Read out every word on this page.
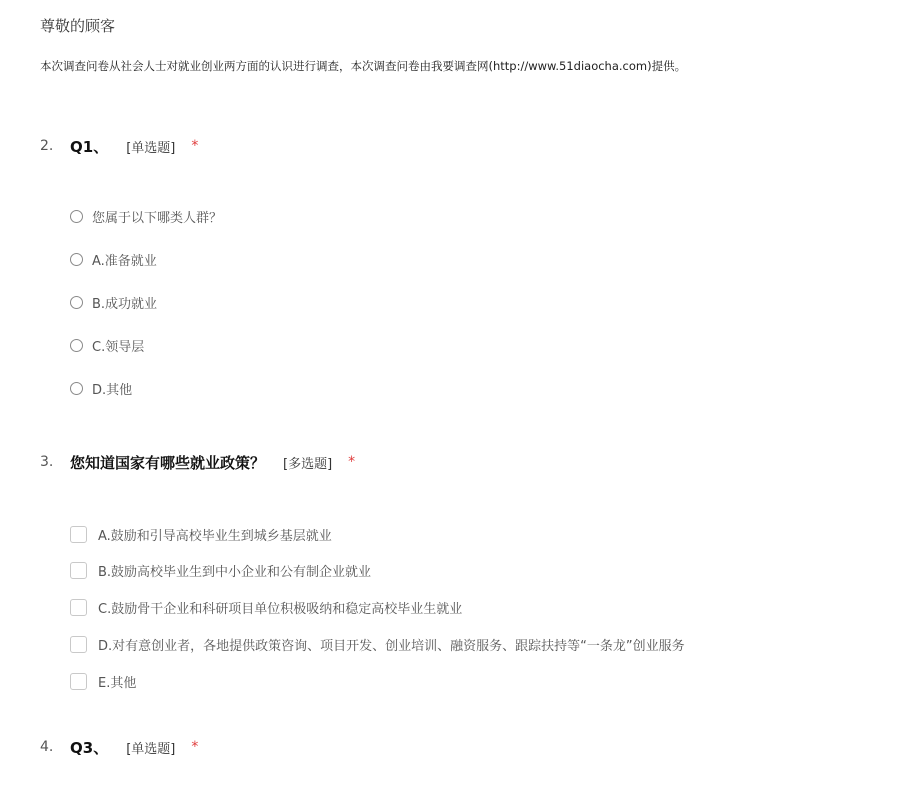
尊敬的顾客
本次调查问卷从社会人士对就业创业两方面的认识进行调查，本次调查问卷由我要调查网(http://www.51diaocha.com)提供。
2.	Q1、 [单选题] *
您属于以下哪类人群？
A.准备就业
B.成功就业
C.领导层
D.其他
3.	您知道国家有哪些就业政策？ [多选题] *
A.鼓励和引导高校毕业生到城乡基层就业
B.鼓励高校毕业生到中小企业和公有制企业就业
C.鼓励骨干企业和科研项目单位积极吸纳和稳定高校毕业生就业
D.对有意创业者，各地提供政策咨询、项目开发、创业培训、融资服务、跟踪扶持等“一条龙”创业服务
E.其他
4.	Q3、 [单选题] *
